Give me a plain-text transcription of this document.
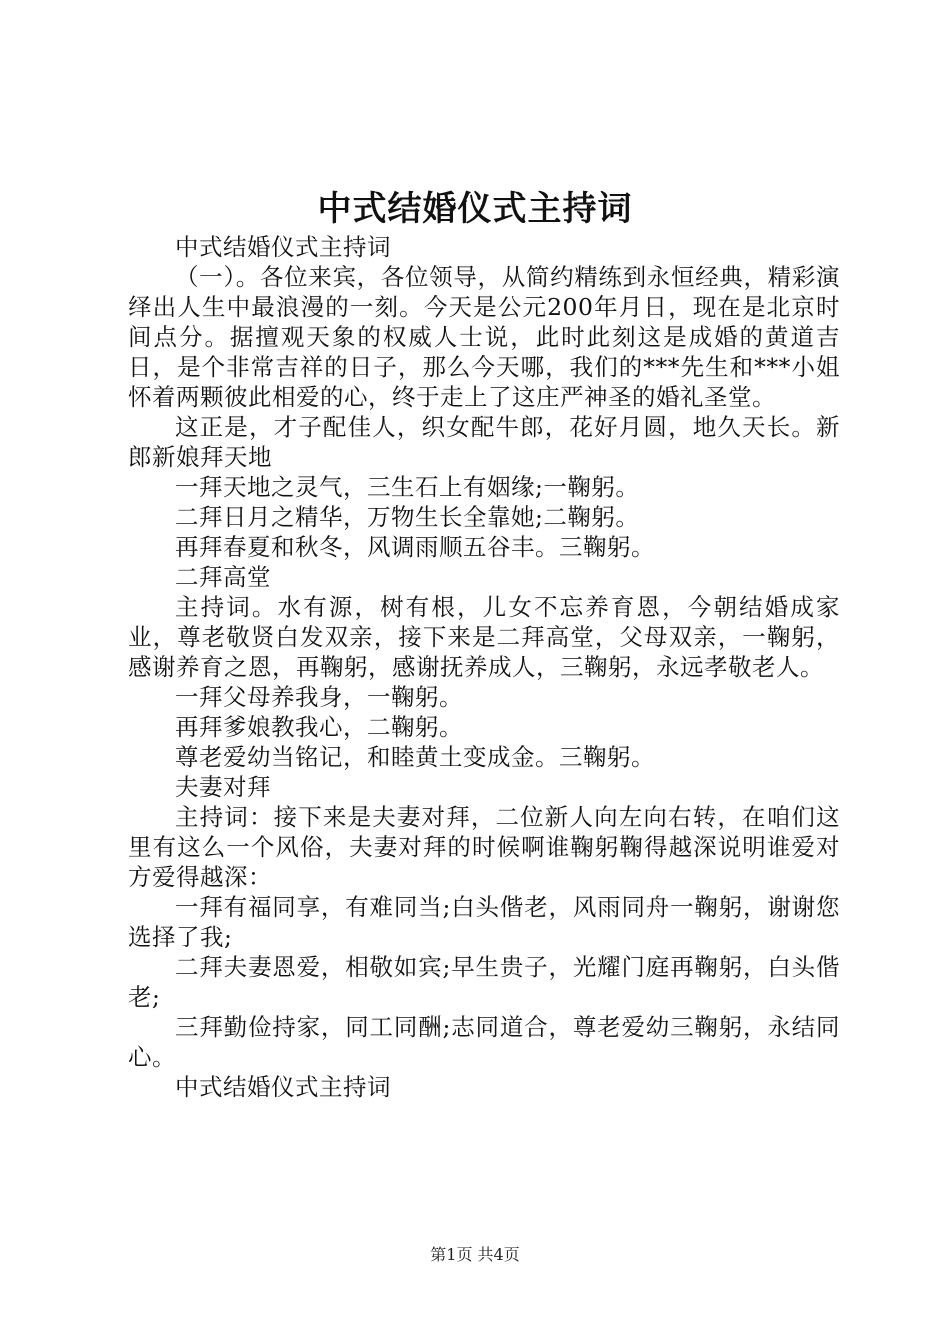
中式结婚仪式主持词

中式结婚仪式主持词

（一）。各位来宾，各位领导，从简约精练到永恒经典，精彩演绎出人生中最浪漫的一刻。今天是公元200年月日，现在是北京时间点分。据擅观天象的权威人士说，此时此刻这是成婚的黄道吉日，是个非常吉祥的日子，那么今天哪，我们的***先生和***小姐怀着两颗彼此相爱的心，终于走上了这庄严神圣的婚礼圣堂。

这正是，才子配佳人，织女配牛郎，花好月圆，地久天长。新郎新娘拜天地

一拜天地之灵气，三生石上有姻缘;一鞠躬。

二拜日月之精华，万物生长全靠她;二鞠躬。

再拜春夏和秋冬，风调雨顺五谷丰。三鞠躬。

二拜高堂

主持词。水有源，树有根，儿女不忘养育恩，今朝结婚成家业，尊老敬贤白发双亲，接下来是二拜高堂，父母双亲，一鞠躬，感谢养育之恩，再鞠躬，感谢抚养成人，三鞠躬，永远孝敬老人。

一拜父母养我身，一鞠躬。

再拜爹娘教我心，二鞠躬。

尊老爱幼当铭记，和睦黄土变成金。三鞠躬。

夫妻对拜

主持词：接下来是夫妻对拜，二位新人向左向右转，在咱们这里有这么一个风俗，夫妻对拜的时候啊谁鞠躬鞠得越深说明谁爱对方爱得越深：

一拜有福同享，有难同当;白头偕老，风雨同舟一鞠躬，谢谢您选择了我;

二拜夫妻恩爱，相敬如宾;早生贵子，光耀门庭再鞠躬，白头偕老;

三拜勤俭持家，同工同酬;志同道合，尊老爱幼三鞠躬，永结同心。

中式结婚仪式主持词

第1页 共4页
